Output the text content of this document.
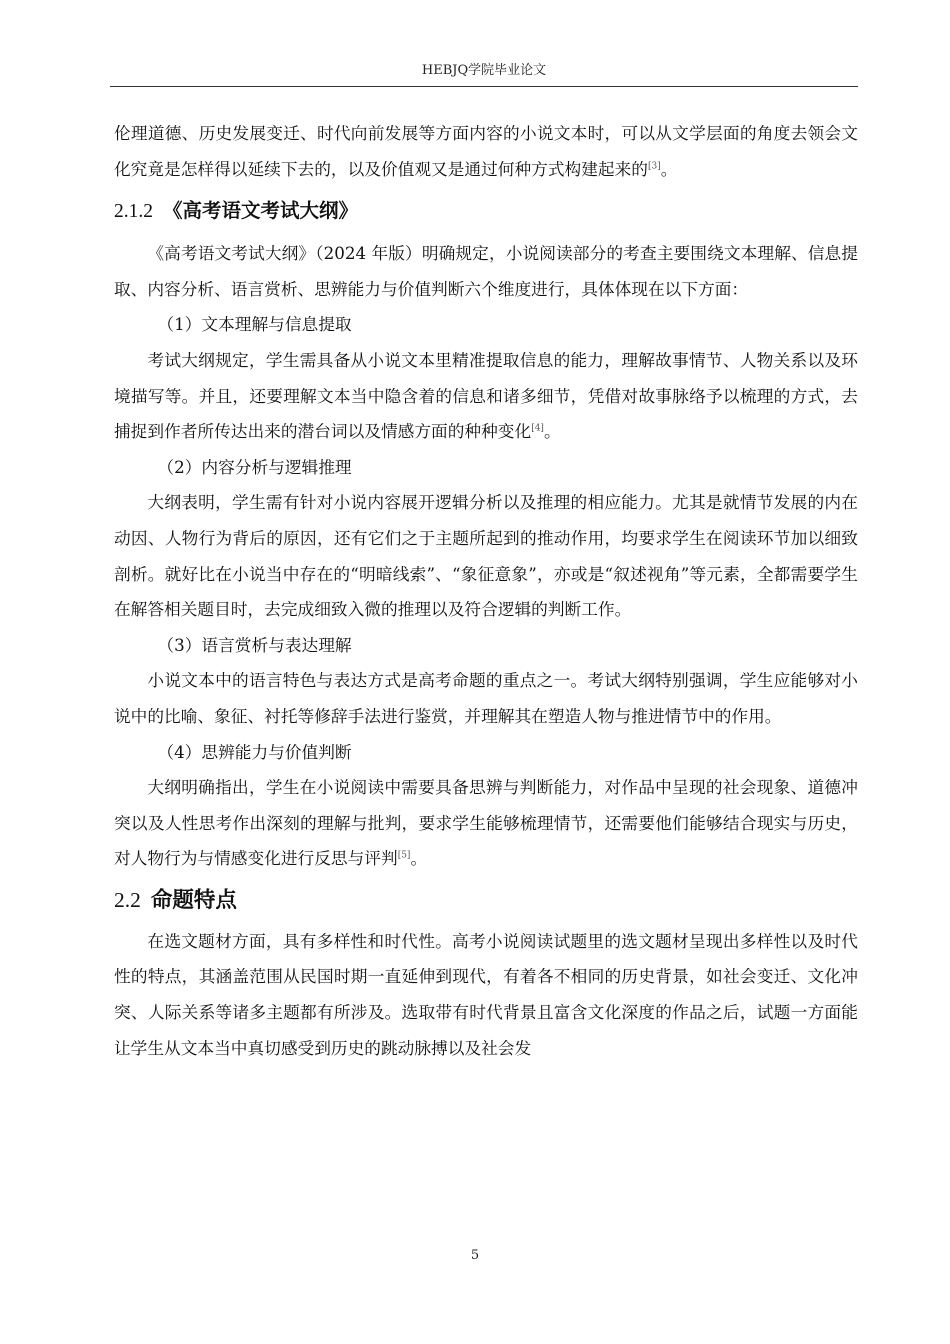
HEBJQ学院毕业论文

伦理道德、历史发展变迁、时代向前发展等方面内容的小说文本时，可以从文学层面的角度去领会文化究竟是怎样得以延续下去的，以及价值观又是通过何种方式构建起来的[3]。

2.1.2 《高考语文考试大纲》

《高考语文考试大纲》（2024 年版）明确规定，小说阅读部分的考查主要围绕文本理解、信息提取、内容分析、语言赏析、思辨能力与价值判断六个维度进行，具体体现在以下方面：

（1）文本理解与信息提取

考试大纲规定，学生需具备从小说文本里精准提取信息的能力，理解故事情节、人物关系以及环境描写等。并且，还要理解文本当中隐含着的信息和诸多细节，凭借对故事脉络予以梳理的方式，去捕捉到作者所传达出来的潜台词以及情感方面的种种变化[4]。

（2）内容分析与逻辑推理

大纲表明，学生需有针对小说内容展开逻辑分析以及推理的相应能力。尤其是就情节发展的内在动因、人物行为背后的原因，还有它们之于主题所起到的推动作用，均要求学生在阅读环节加以细致剖析。就好比在小说当中存在的“明暗线索”、“象征意象”，亦或是“叙述视角”等元素，全都需要学生在解答相关题目时，去完成细致入微的推理以及符合逻辑的判断工作。

（3）语言赏析与表达理解

小说文本中的语言特色与表达方式是高考命题的重点之一。考试大纲特别强调，学生应能够对小说中的比喻、象征、衬托等修辞手法进行鉴赏，并理解其在塑造人物与推进情节中的作用。

（4）思辨能力与价值判断

大纲明确指出，学生在小说阅读中需要具备思辨与判断能力，对作品中呈现的社会现象、道德冲突以及人性思考作出深刻的理解与批判，要求学生能够梳理情节，还需要他们能够结合现实与历史，对人物行为与情感变化进行反思与评判[5]。

2.2 命题特点

在选文题材方面，具有多样性和时代性。高考小说阅读试题里的选文题材呈现出多样性以及时代性的特点，其涵盖范围从民国时期一直延伸到现代，有着各不相同的历史背景，如社会变迁、文化冲突、人际关系等诸多主题都有所涉及。选取带有时代背景且富含文化深度的作品之后，试题一方面能让学生从文本当中真切感受到历史的跳动脉搏以及社会发

5
